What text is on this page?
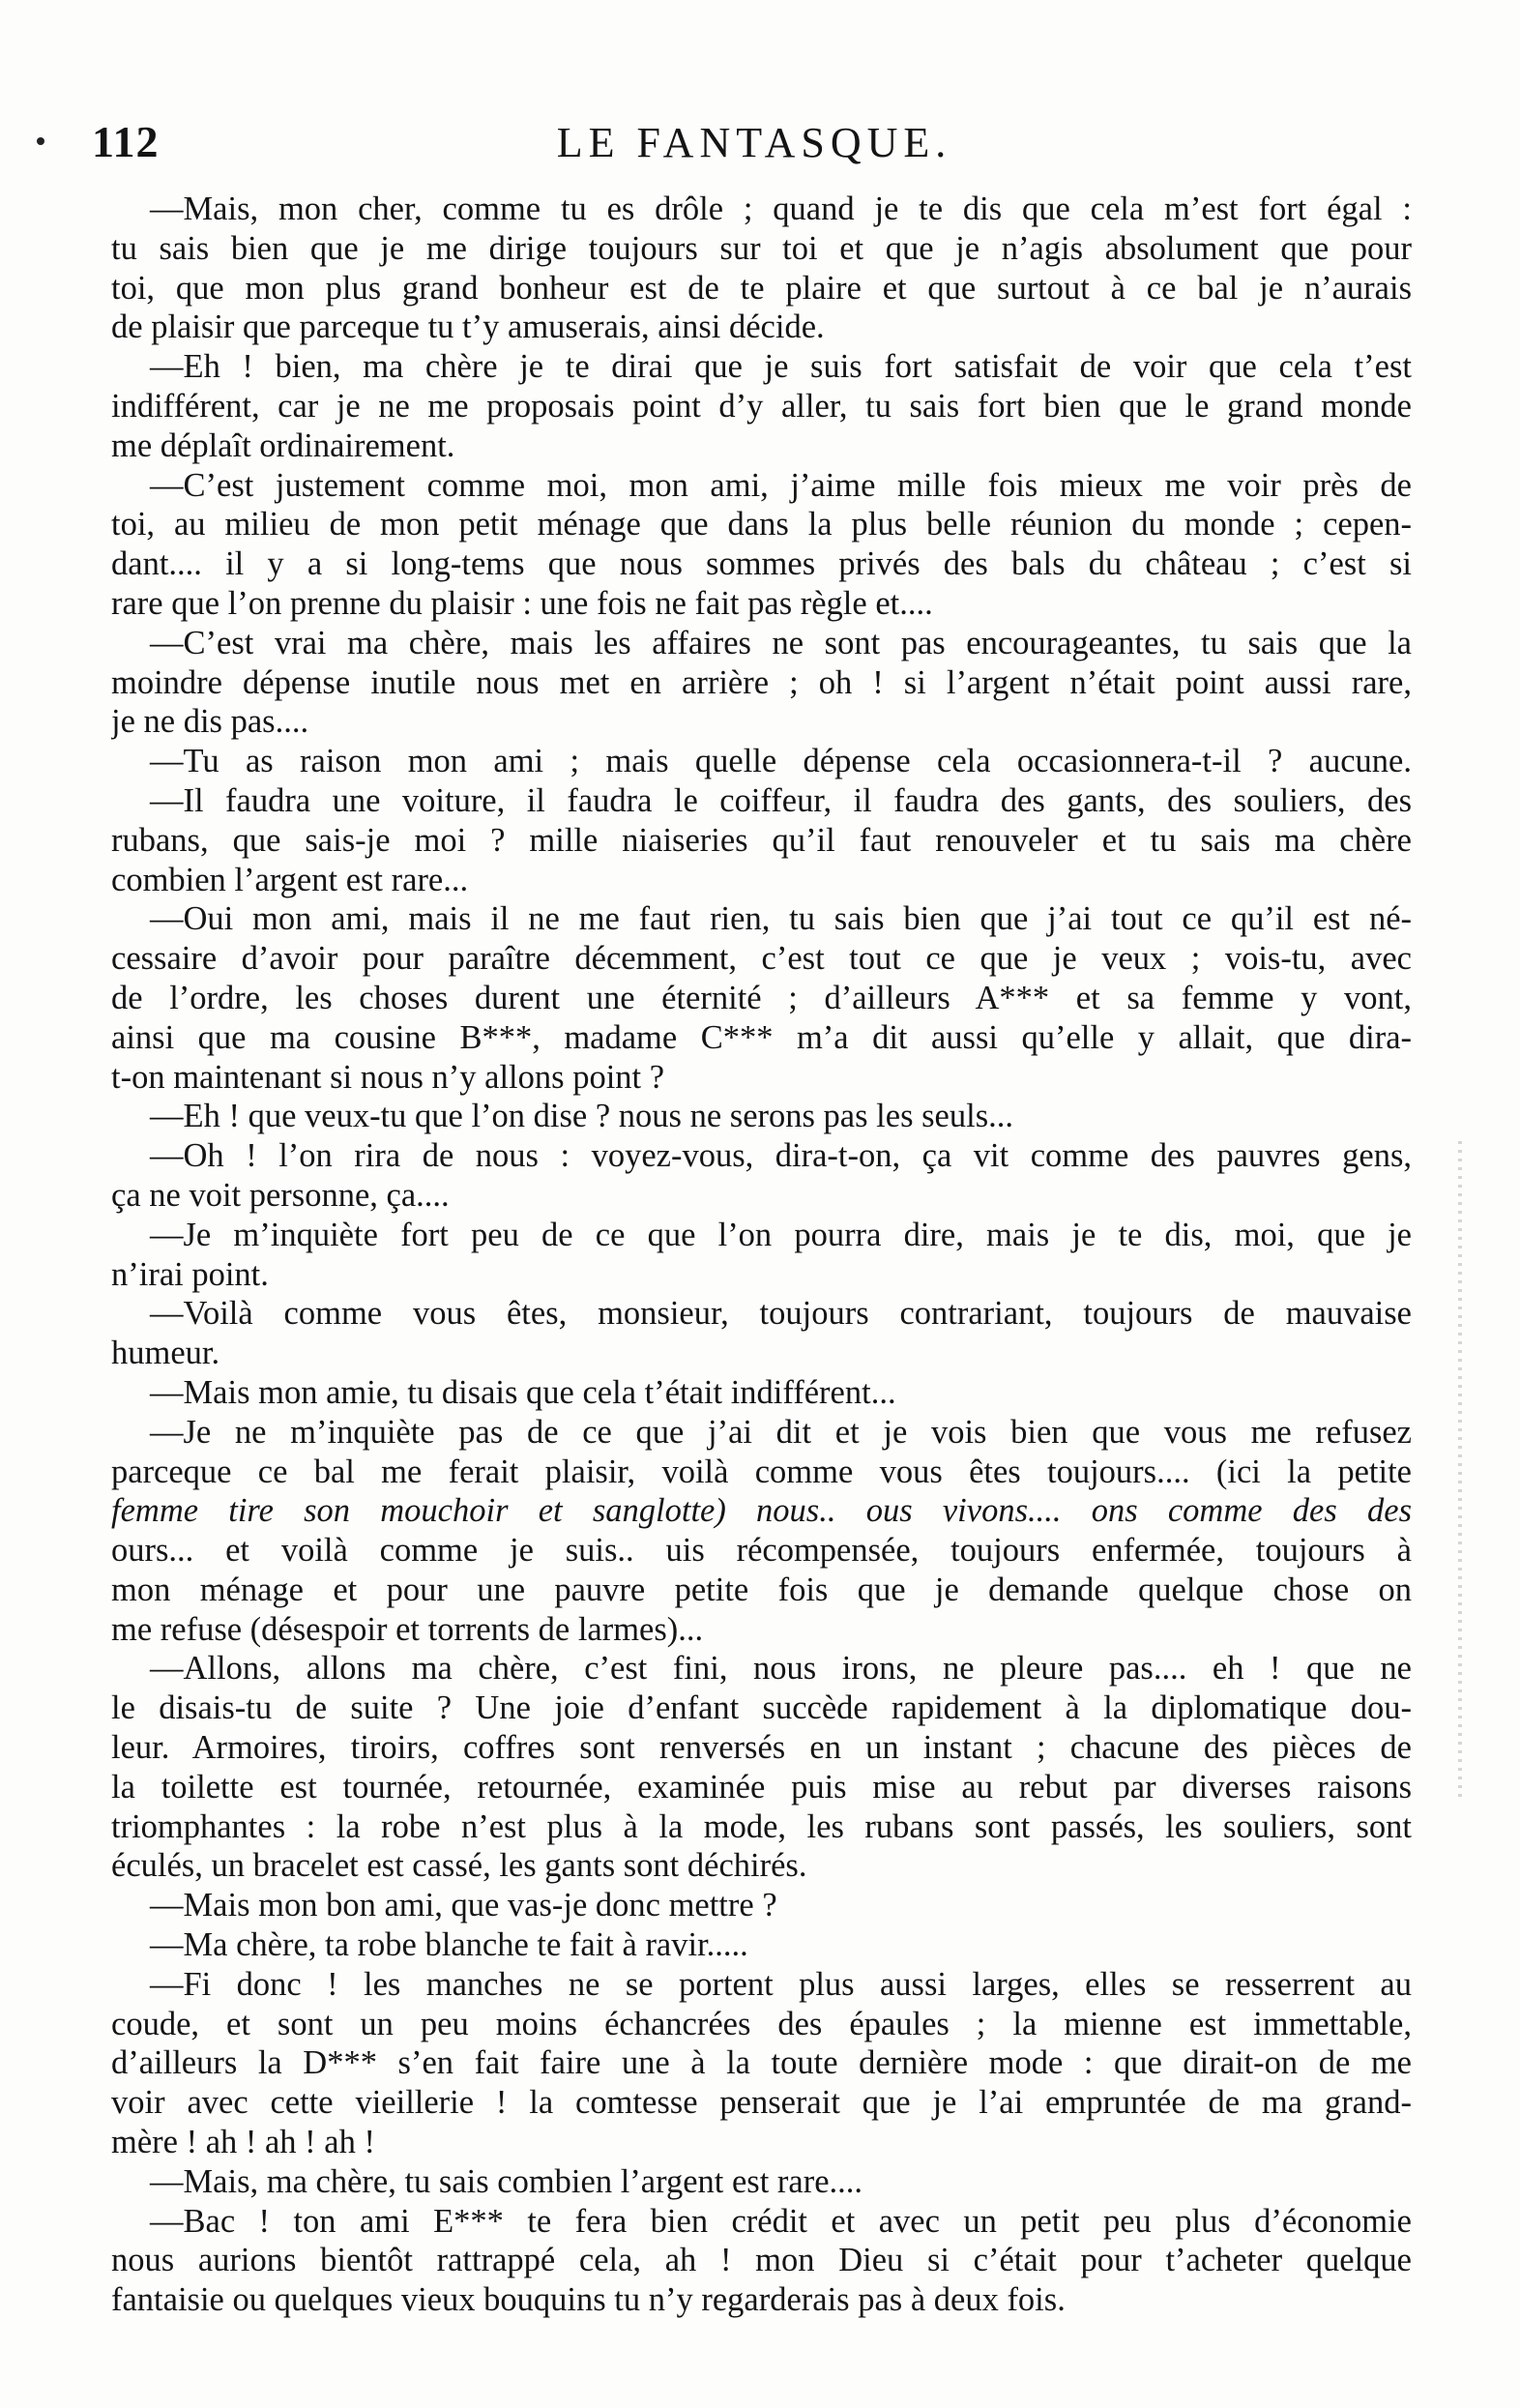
112	LE FANTASQUE.
—Mais, mon cher, comme tu es drôle ; quand je te dis que cela m’est fort égal :
tu sais bien que je me dirige toujours sur toi et que je n’agis absolument que pour
toi, que mon plus grand bonheur est de te plaire et que surtout à ce bal je n’aurais
de plaisir que parceque tu t’y amuserais, ainsi décide.
—Eh ! bien, ma chère je te dirai que je suis fort satisfait de voir que cela t’est
indifférent, car je ne me proposais point d’y aller, tu sais fort bien que le grand monde
me déplaît ordinairement.
—C’est justement comme moi, mon ami, j’aime mille fois mieux me voir près de
toi, au milieu de mon petit ménage que dans la plus belle réunion du monde ; cepen-
dant.... il y a si long-tems que nous sommes privés des bals du château ; c’est si
rare que l’on prenne du plaisir : une fois ne fait pas règle et....
—C’est vrai ma chère, mais les affaires ne sont pas encourageantes, tu sais que la
moindre dépense inutile nous met en arrière ; oh ! si l’argent n’était point aussi rare,
je ne dis pas....
—Tu as raison mon ami ; mais quelle dépense cela occasionnera-t-il ? aucune.
—Il faudra une voiture, il faudra le coiffeur, il faudra des gants, des souliers, des
rubans, que sais-je moi ? mille niaiseries qu’il faut renouveler et tu sais ma chère
combien l’argent est rare...
—Oui mon ami, mais il ne me faut rien, tu sais bien que j’ai tout ce qu’il est né-
cessaire d’avoir pour paraître décemment, c’est tout ce que je veux ; vois-tu, avec
de l’ordre, les choses durent une éternité ; d’ailleurs A*** et sa femme y vont,
ainsi que ma cousine B***, madame C*** m’a dit aussi qu’elle y allait, que dira-
t-on maintenant si nous n’y allons point ?
—Eh ! que veux-tu que l’on dise ? nous ne serons pas les seuls...
—Oh ! l’on rira de nous : voyez-vous, dira-t-on, ça vit comme des pauvres gens,
ça ne voit personne, ça....
—Je m’inquiète fort peu de ce que l’on pourra dire, mais je te dis, moi, que je
n’irai point.
—Voilà comme vous êtes, monsieur, toujours contrariant, toujours de mauvaise
humeur.
—Mais mon amie, tu disais que cela t’était indifférent...
—Je ne m’inquiète pas de ce que j’ai dit et je vois bien que vous me refusez
parceque ce bal me ferait plaisir, voilà comme vous êtes toujours.... (ici la petite
femme tire son mouchoir et sanglotte) nous.. ous vivons.... ons comme des des
ours... et voilà comme je suis.. uis récompensée, toujours enfermée, toujours à
mon ménage et pour une pauvre petite fois que je demande quelque chose on
me refuse (désespoir et torrents de larmes)...
—Allons, allons ma chère, c’est fini, nous irons, ne pleure pas.... eh ! que ne
le disais-tu de suite ? Une joie d’enfant succède rapidement à la diplomatique dou-
leur. Armoires, tiroirs, coffres sont renversés en un instant ; chacune des pièces de
la toilette est tournée, retournée, examinée puis mise au rebut par diverses raisons
triomphantes : la robe n’est plus à la mode, les rubans sont passés, les souliers, sont
éculés, un bracelet est cassé, les gants sont déchirés.
—Mais mon bon ami, que vas-je donc mettre ?
—Ma chère, ta robe blanche te fait à ravir.....
—Fi donc ! les manches ne se portent plus aussi larges, elles se resserrent au
coude, et sont un peu moins échancrées des épaules ; la mienne est immettable,
d’ailleurs la D*** s’en fait faire une à la toute dernière mode : que dirait-on de me
voir avec cette vieillerie ! la comtesse penserait que je l’ai empruntée de ma grand-
mère ! ah ! ah ! ah !
—Mais, ma chère, tu sais combien l’argent est rare....
—Bac ! ton ami E*** te fera bien crédit et avec un petit peu plus d’économie
nous aurions bientôt rattrappé cela, ah ! mon Dieu si c’était pour t’acheter quelque
fantaisie ou quelques vieux bouquins tu n’y regarderais pas à deux fois.
